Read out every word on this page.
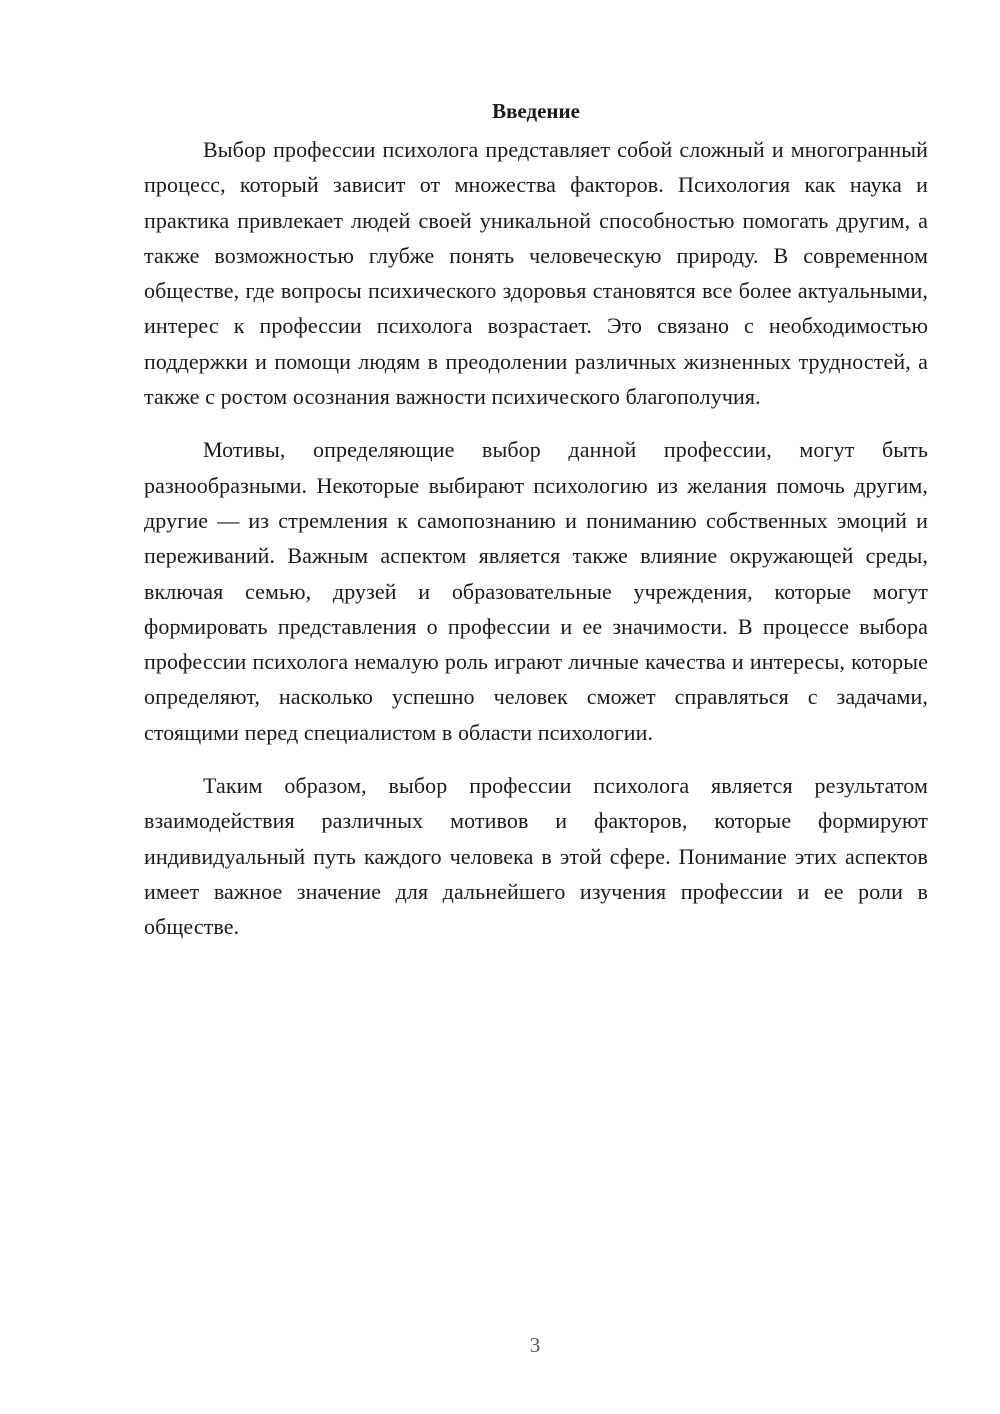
Введение

Выбор профессии психолога представляет собой сложный и многогранный процесс, который зависит от множества факторов. Психология как наука и практика привлекает людей своей уникальной способностью помогать другим, а также возможностью глубже понять человеческую природу. В современном обществе, где вопросы психического здоровья становятся все более актуальными, интерес к профессии психолога возрастает. Это связано с необходимостью поддержки и помощи людям в преодолении различных жизненных трудностей, а также с ростом осознания важности психического благополучия.

Мотивы, определяющие выбор данной профессии, могут быть разнообразными. Некоторые выбирают психологию из желания помочь другим, другие — из стремления к самопознанию и пониманию собственных эмоций и переживаний. Важным аспектом является также влияние окружающей среды, включая семью, друзей и образовательные учреждения, которые могут формировать представления о профессии и ее значимости. В процессе выбора профессии психолога немалую роль играют личные качества и интересы, которые определяют, насколько успешно человек сможет справляться с задачами, стоящими перед специалистом в области психологии.

Таким образом, выбор профессии психолога является результатом взаимодействия различных мотивов и факторов, которые формируют индивидуальный путь каждого человека в этой сфере. Понимание этих аспектов имеет важное значение для дальнейшего изучения профессии и ее роли в обществе.

3
